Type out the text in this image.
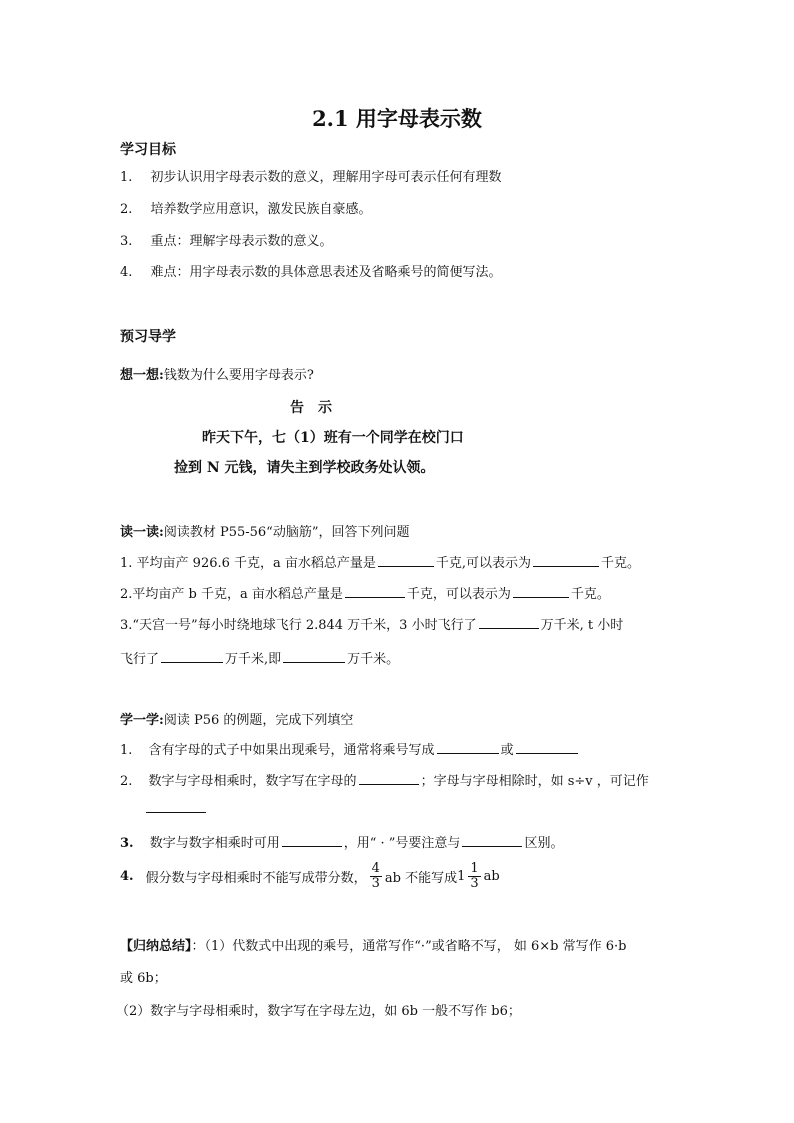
2.1 用字母表示数
学习目标
1. 初步认识用字母表示数的意义，理解用字母可表示任何有理数
2. 培养数学应用意识，激发民族自豪感。
3. 重点：理解字母表示数的意义。
4. 难点：用字母表示数的具体意思表述及省略乘号的简便写法。
预习导学
想一想:钱数为什么要用字母表示?
告　示
昨天下午，七（1）班有一个同学在校门口
捡到 N 元钱，请失主到学校政务处认领。
读一读:阅读教材 P55-56“动脑筋”，回答下列问题
1. 平均亩产 926.6 千克，a 亩水稻总产量是	千克,可以表示为	千克。
2.平均亩产 b 千克，a 亩水稻总产量是	千克，可以表示为	千克。
3.“天宫一号”每小时绕地球飞行 2.844 万千米，3 小时飞行了	万千米, t 小时
飞行了	万千米,即	万千米。
学一学:阅读 P56 的例题，完成下列填空
1. 含有字母的式子中如果出现乘号，通常将乘号写成	或
2. 数字与字母相乘时，数字写在字母的	；字母与字母相除时，如 s÷v ，可记作
3. 数字与数字相乘时可用	，用“ · ”号要注意与	区别。
4. 假分数与字母相乘时不能写成带分数， $\frac{4}{3}$ ab 不能写成 $1 \frac{1}{3}$ ab
【归纳总结】：（1）代数式中出现的乘号，通常写作“·”或省略不写， 如 6×b 常写作 6·b
或 6b；
（2）数字与字母相乘时，数字写在字母左边，如 6b 一般不写作 b6；
